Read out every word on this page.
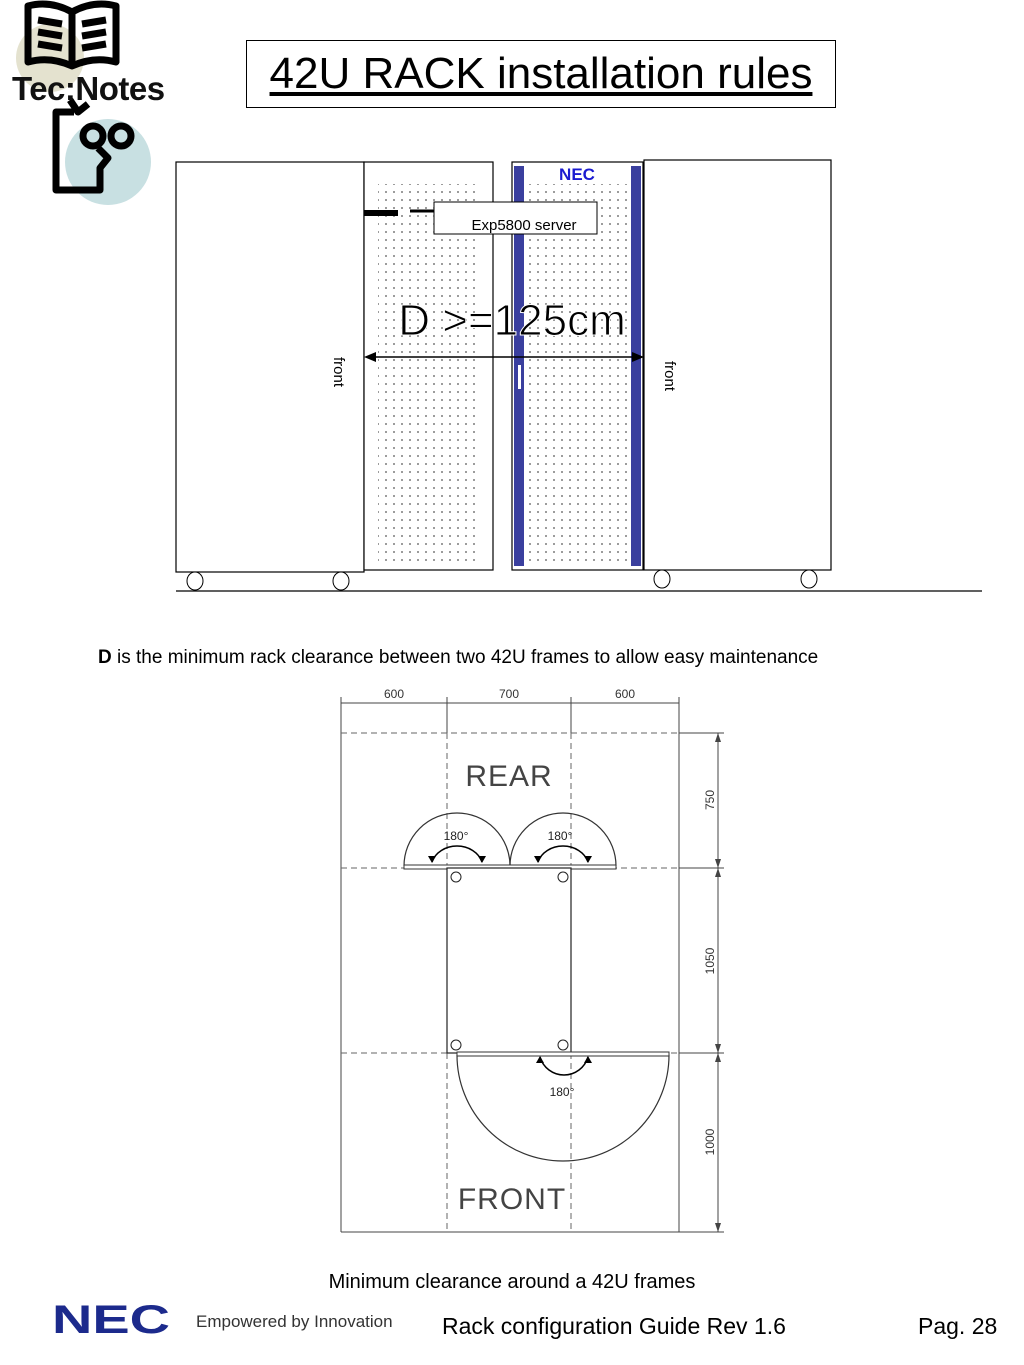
Tec:Notes 42U RACK installation rules
NEC
Exp5800 server
D >=125cm
front	front
D is the minimum rack clearance between two 42U frames to allow easy maintenance
600	700	600
750
1050
1000
REAR
180°	180°
180°
FRONT
Minimum clearance around a 42U frames
NEC Empowered by Innovation Rack configuration Guide Rev 1.6	Pag. 28
